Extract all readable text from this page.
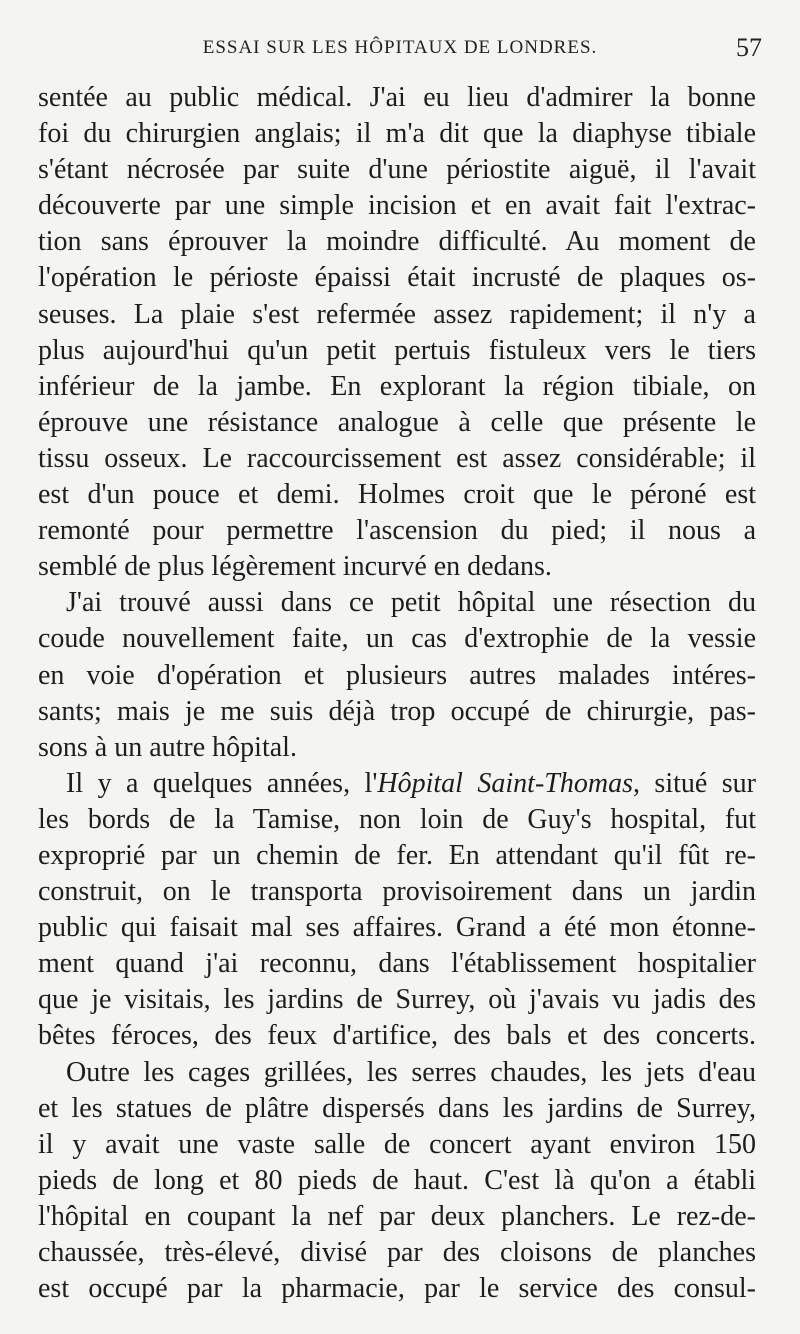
ESSAI SUR LES HÔPITAUX DE LONDRES.	57
sentée au public médical. J'ai eu lieu d'admirer la bonne
foi du chirurgien anglais; il m'a dit que la diaphyse tibiale
s'étant nécrosée par suite d'une périostite aiguë, il l'avait
découverte par une simple incision et en avait fait l'extrac-
tion sans éprouver la moindre difficulté. Au moment de
l'opération le périoste épaissi était incrusté de plaques os-
seuses. La plaie s'est refermée assez rapidement; il n'y a
plus aujourd'hui qu'un petit pertuis fistuleux vers le tiers
inférieur de la jambe. En explorant la région tibiale, on
éprouve une résistance analogue à celle que présente le
tissu osseux. Le raccourcissement est assez considérable; il
est d'un pouce et demi. Holmes croit que le péroné est
remonté pour permettre l'ascension du pied; il nous a
semblé de plus légèrement incurvé en dedans.
J'ai trouvé aussi dans ce petit hôpital une résection du
coude nouvellement faite, un cas d'extrophie de la vessie
en voie d'opération et plusieurs autres malades intéres-
sants; mais je me suis déjà trop occupé de chirurgie, pas-
sons à un autre hôpital.
Il y a quelques années, l'Hôpital Saint-Thomas, situé sur
les bords de la Tamise, non loin de Guy's hospital, fut
exproprié par un chemin de fer. En attendant qu'il fût re-
construit, on le transporta provisoirement dans un jardin
public qui faisait mal ses affaires. Grand a été mon étonne-
ment quand j'ai reconnu, dans l'établissement hospitalier
que je visitais, les jardins de Surrey, où j'avais vu jadis des
bêtes féroces, des feux d'artifice, des bals et des concerts.
Outre les cages grillées, les serres chaudes, les jets d'eau
et les statues de plâtre dispersés dans les jardins de Surrey,
il y avait une vaste salle de concert ayant environ 150
pieds de long et 80 pieds de haut. C'est là qu'on a établi
l'hôpital en coupant la nef par deux planchers. Le rez-de-
chaussée, très-élevé, divisé par des cloisons de planches
est occupé par la pharmacie, par le service des consul-
